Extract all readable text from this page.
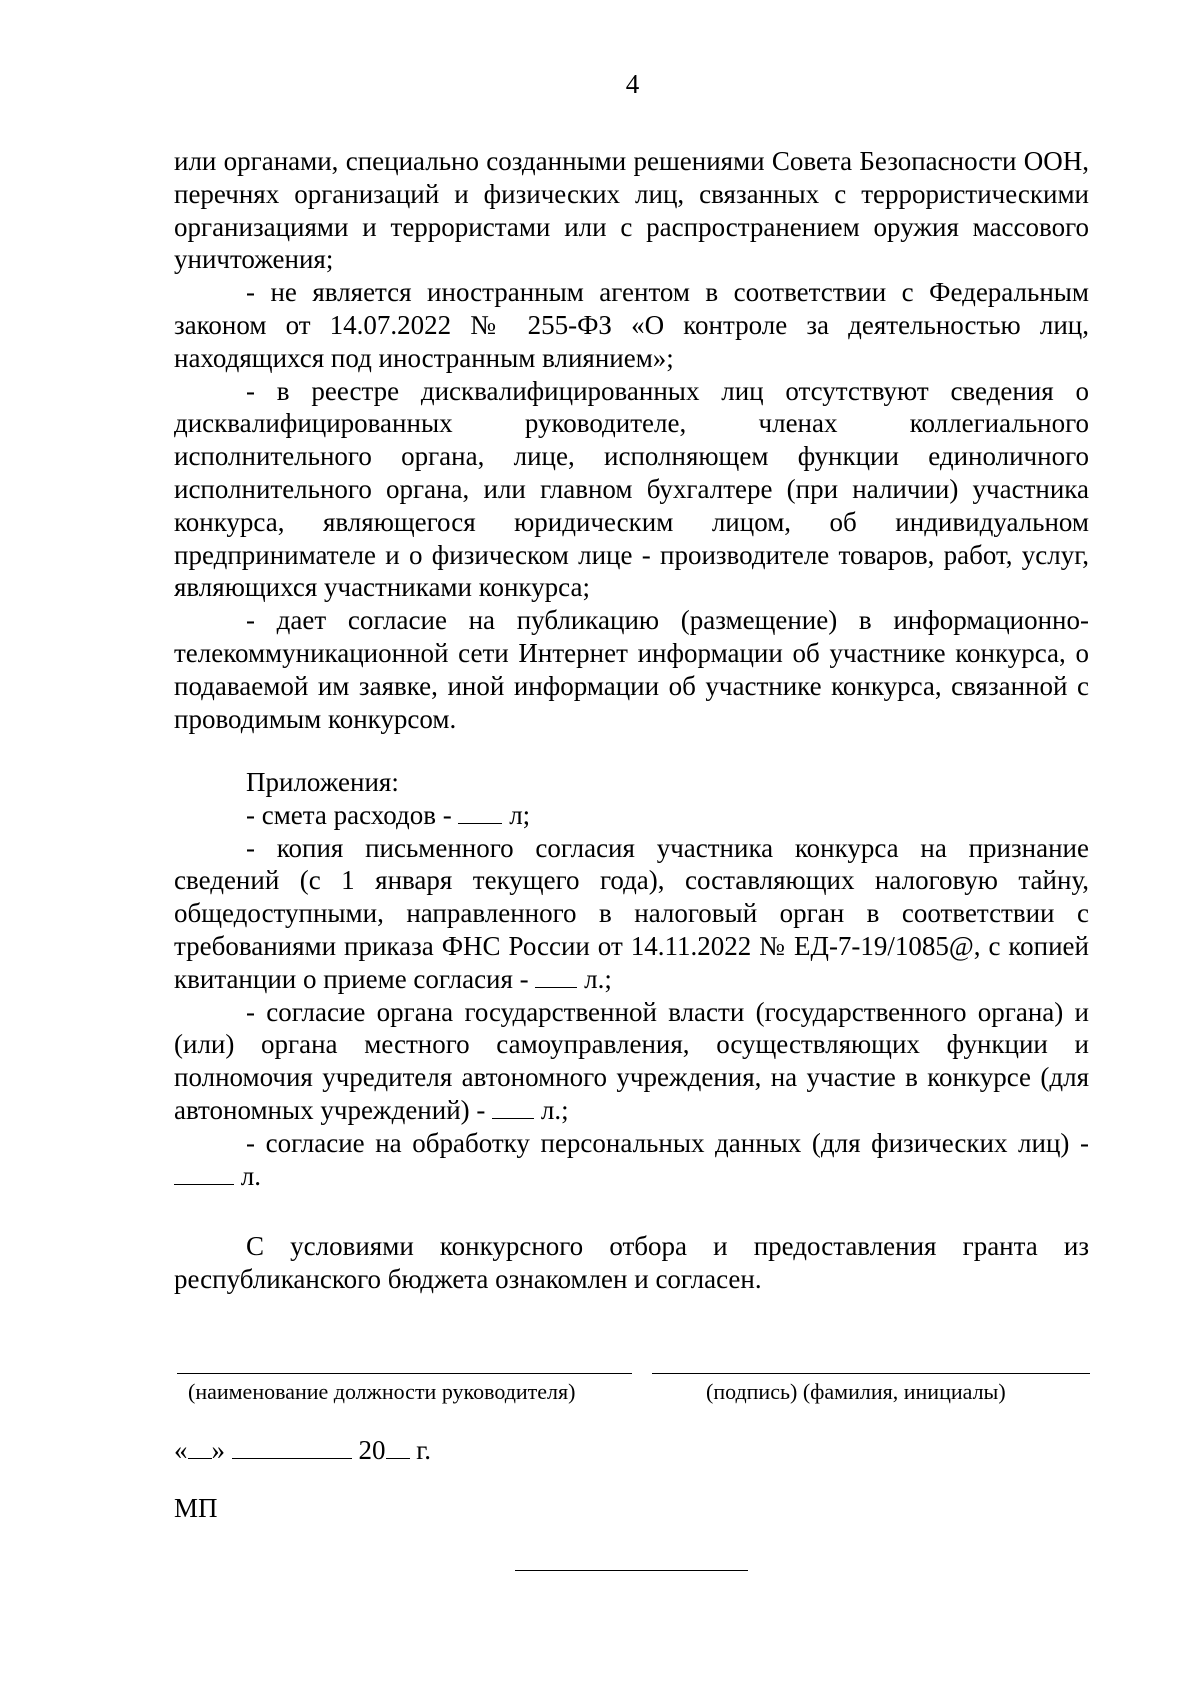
4

или органами, специально созданными решениями Совета Безопасности ООН, перечнях организаций и физических лиц, связанных с террористическими организациями и террористами или с распространением оружия массового уничтожения;

- не является иностранным агентом в соответствии с Федеральным законом от 14.07.2022 № 255-ФЗ «О контроле за деятельностью лиц, находящихся под иностранным влиянием»;

- в реестре дисквалифицированных лиц отсутствуют сведения о дисквалифицированных руководителе, членах коллегиального исполнительного органа, лице, исполняющем функции единоличного исполнительного органа, или главном бухгалтере (при наличии) участника конкурса, являющегося юридическим лицом, об индивидуальном предпринимателе и о физическом лице - производителе товаров, работ, услуг, являющихся участниками конкурса;

- дает согласие на публикацию (размещение) в информационно-телекоммуникационной сети Интернет информации об участнике конкурса, о подаваемой им заявке, иной информации об участнике конкурса, связанной с проводимым конкурсом.

Приложения:

- смета расходов - л;

- копия письменного согласия участника конкурса на признание сведений (с 1 января текущего года), составляющих налоговую тайну, общедоступными, направленного в налоговый орган в соответствии с требованиями приказа ФНС России от 14.11.2022 № ЕД-7-19/1085@, с копией квитанции о приеме согласия - л.;

- согласие органа государственной власти (государственного органа) и (или) органа местного самоуправления, осуществляющих функции и полномочия учредителя автономного учреждения, на участие в конкурсе (для автономных учреждений) - л.;

- согласие на обработку персональных данных (для физических лиц) -  л.

С условиями конкурсного отбора и предоставления гранта из республиканского бюджета ознакомлен и согласен.

(наименование должности руководителя)	(подпись) (фамилия, инициалы)
« »	20 г.
МП
